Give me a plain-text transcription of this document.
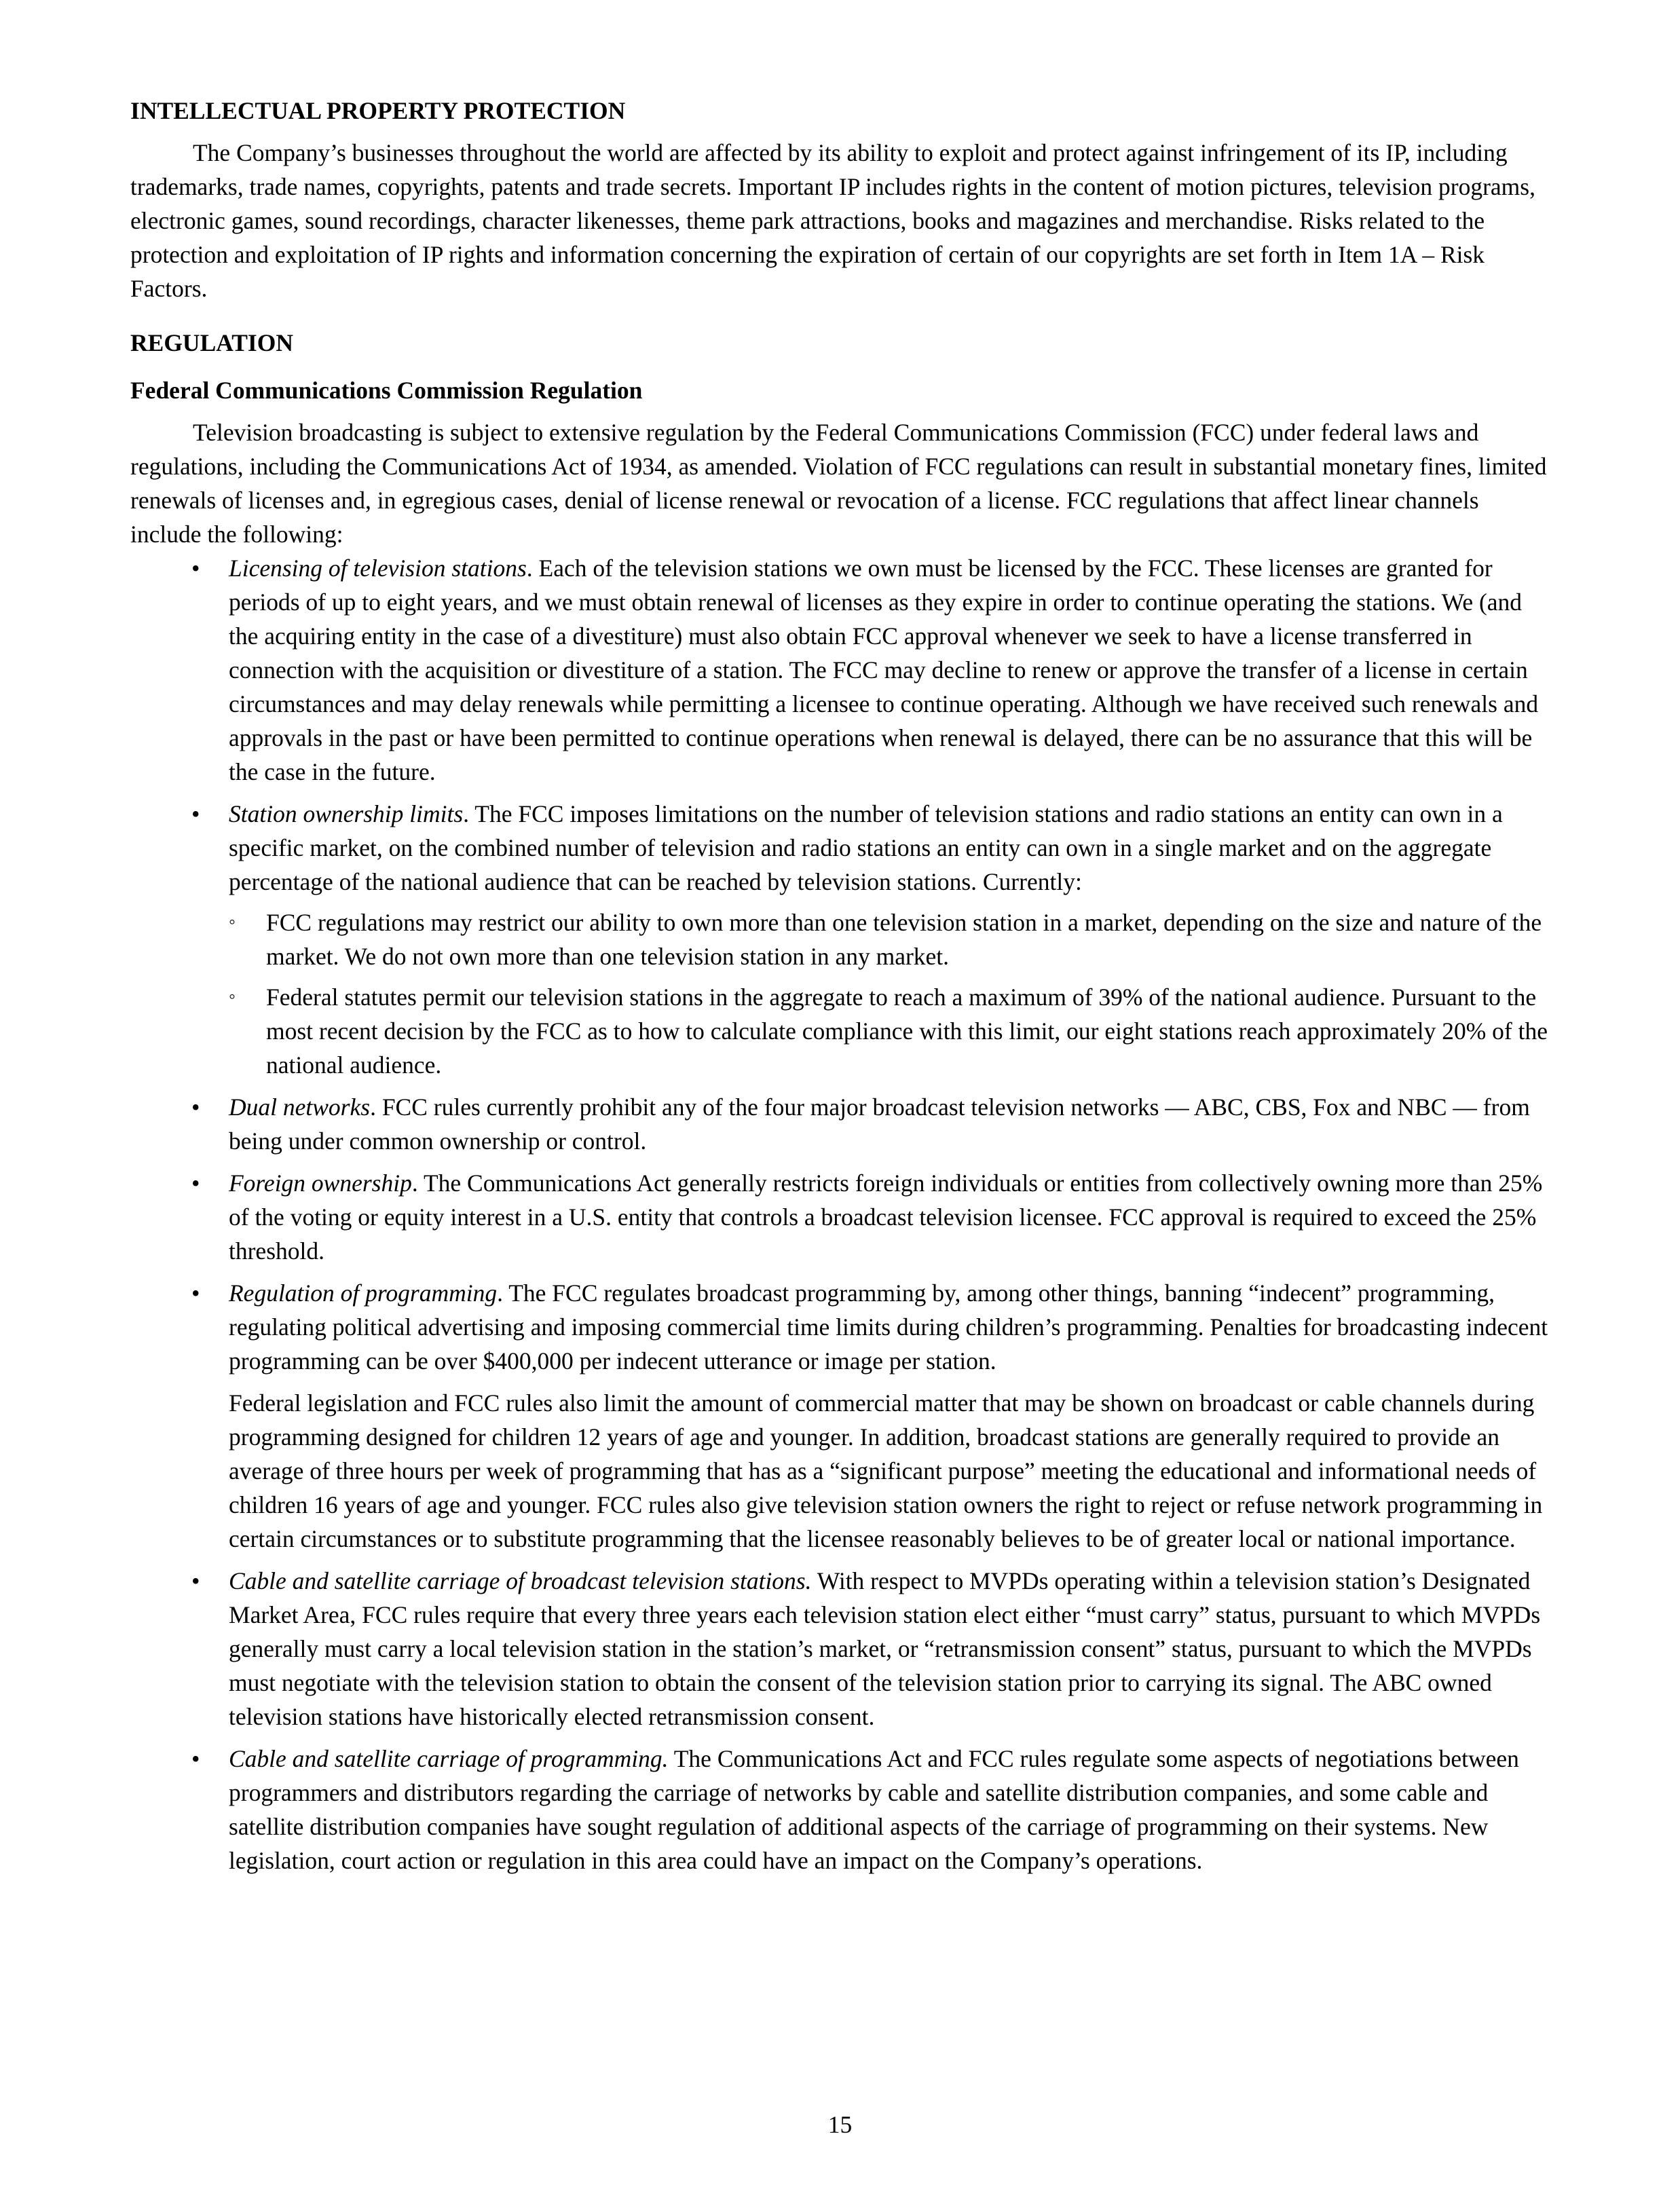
INTELLECTUAL PROPERTY PROTECTION

The Company’s businesses throughout the world are affected by its ability to exploit and protect against infringement of its IP, including trademarks, trade names, copyrights, patents and trade secrets. Important IP includes rights in the content of motion pictures, television programs, electronic games, sound recordings, character likenesses, theme park attractions, books and magazines and merchandise. Risks related to the protection and exploitation of IP rights and information concerning the expiration of certain of our copyrights are set forth in Item 1A – Risk Factors.

REGULATION
Federal Communications Commission Regulation

Television broadcasting is subject to extensive regulation by the Federal Communications Commission (FCC) under federal laws and regulations, including the Communications Act of 1934, as amended. Violation of FCC regulations can result in substantial monetary fines, limited renewals of licenses and, in egregious cases, denial of license renewal or revocation of a license. FCC regulations that affect linear channels include the following:

• Licensing of television stations. Each of the television stations we own must be licensed by the FCC. These licenses are granted for periods of up to eight years, and we must obtain renewal of licenses as they expire in order to continue operating the stations. We (and the acquiring entity in the case of a divestiture) must also obtain FCC approval whenever we seek to have a license transferred in connection with the acquisition or divestiture of a station. The FCC may decline to renew or approve the transfer of a license in certain circumstances and may delay renewals while permitting a licensee to continue operating. Although we have received such renewals and approvals in the past or have been permitted to continue operations when renewal is delayed, there can be no assurance that this will be the case in the future.
• Station ownership limits. The FCC imposes limitations on the number of television stations and radio stations an entity can own in a specific market, on the combined number of television and radio stations an entity can own in a single market and on the aggregate percentage of the national audience that can be reached by television stations. Currently:
◦ FCC regulations may restrict our ability to own more than one television station in a market, depending on the size and nature of the market. We do not own more than one television station in any market.
◦ Federal statutes permit our television stations in the aggregate to reach a maximum of 39% of the national audience. Pursuant to the most recent decision by the FCC as to how to calculate compliance with this limit, our eight stations reach approximately 20% of the national audience.
• Dual networks. FCC rules currently prohibit any of the four major broadcast television networks — ABC, CBS, Fox and NBC — from being under common ownership or control.
• Foreign ownership. The Communications Act generally restricts foreign individuals or entities from collectively owning more than 25% of the voting or equity interest in a U.S. entity that controls a broadcast television licensee. FCC approval is required to exceed the 25% threshold.
• Regulation of programming. The FCC regulates broadcast programming by, among other things, banning “indecent” programming, regulating political advertising and imposing commercial time limits during children’s programming. Penalties for broadcasting indecent programming can be over $400,000 per indecent utterance or image per station.

Federal legislation and FCC rules also limit the amount of commercial matter that may be shown on broadcast or cable channels during programming designed for children 12 years of age and younger. In addition, broadcast stations are generally required to provide an average of three hours per week of programming that has as a “significant purpose” meeting the educational and informational needs of children 16 years of age and younger. FCC rules also give television station owners the right to reject or refuse network programming in certain circumstances or to substitute programming that the licensee reasonably believes to be of greater local or national importance.

• Cable and satellite carriage of broadcast television stations. With respect to MVPDs operating within a television station’s Designated Market Area, FCC rules require that every three years each television station elect either “must carry” status, pursuant to which MVPDs generally must carry a local television station in the station’s market, or “retransmission consent” status, pursuant to which the MVPDs must negotiate with the television station to obtain the consent of the television station prior to carrying its signal. The ABC owned television stations have historically elected retransmission consent.
• Cable and satellite carriage of programming. The Communications Act and FCC rules regulate some aspects of negotiations between programmers and distributors regarding the carriage of networks by cable and satellite distribution companies, and some cable and satellite distribution companies have sought regulation of additional aspects of the carriage of programming on their systems. New legislation, court action or regulation in this area could have an impact on the Company’s operations.
15
